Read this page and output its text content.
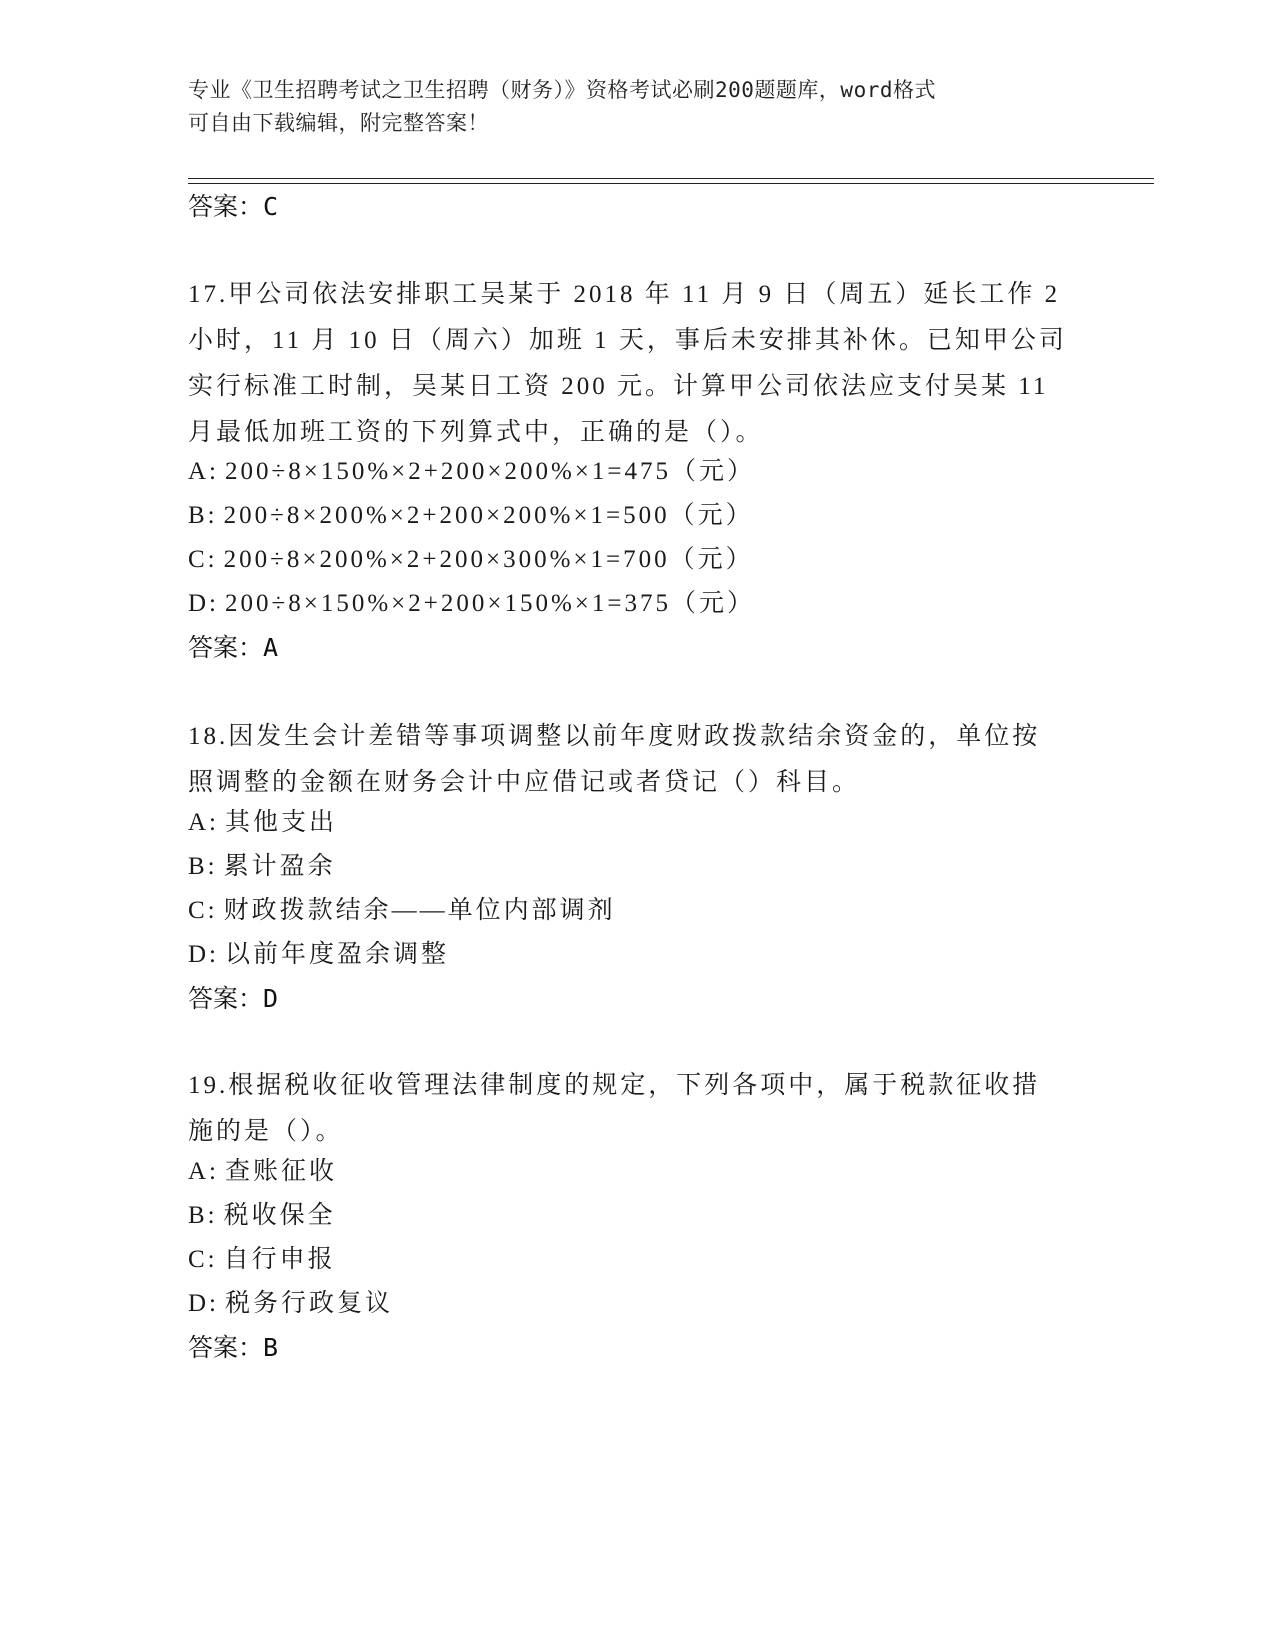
专业《卫生招聘考试之卫生招聘（财务）》资格考试必刷200题题库，word格式
可自由下载编辑，附完整答案！
答案：C
17.甲公司依法安排职工吴某于 2018 年 11 月 9 日（周五）延长工作 2
小时，11 月 10 日（周六）加班 1 天，事后未安排其补休。已知甲公司
实行标准工时制，吴某日工资 200 元。计算甲公司依法应支付吴某 11
月最低加班工资的下列算式中，正确的是（）。
A: 200÷8×150%×2+200×200%×1=475（元）
B: 200÷8×200%×2+200×200%×1=500（元）
C: 200÷8×200%×2+200×300%×1=700（元）
D: 200÷8×150%×2+200×150%×1=375（元）
答案：A
18.因发生会计差错等事项调整以前年度财政拨款结余资金的，单位按
照调整的金额在财务会计中应借记或者贷记（）科目。
A: 其他支出
B: 累计盈余
C: 财政拨款结余——单位内部调剂
D: 以前年度盈余调整
答案：D
19.根据税收征收管理法律制度的规定，下列各项中，属于税款征收措
施的是（）。
A: 查账征收
B: 税收保全
C: 自行申报
D: 税务行政复议
答案：B
